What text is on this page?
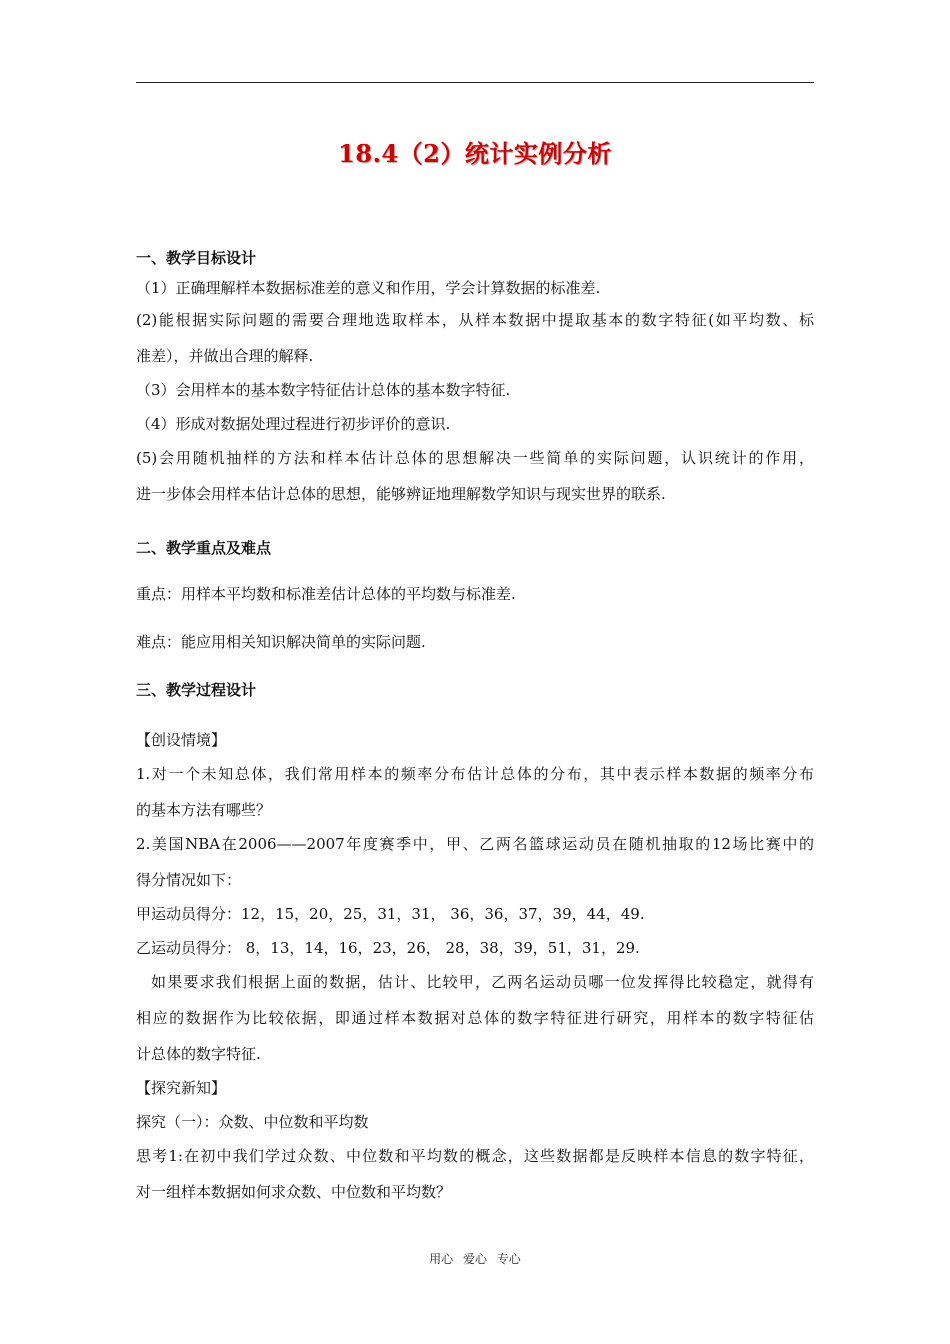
18.4（2）统计实例分析
一、教学目标设计
（1）正确理解样本数据标准差的意义和作用，学会计算数据的标准差.
(2)能根据实际问题的需要合理地选取样本，从样本数据中提取基本的数字特征(如平均数、标
准差），并做出合理的解释.
（3）会用样本的基本数字特征估计总体的基本数字特征.
（4）形成对数据处理过程进行初步评价的意识.
(5)会用随机抽样的方法和样本估计总体的思想解决一些简单的实际问题，认识统计的作用，
进一步体会用样本估计总体的思想，能够辨证地理解数学知识与现实世界的联系.
二、教学重点及难点
重点：用样本平均数和标准差估计总体的平均数与标准差.
难点：能应用相关知识解决简单的实际问题.
三、教学过程设计
【创设情境】
1.对一个未知总体，我们常用样本的频率分布估计总体的分布，其中表示样本数据的频率分布
的基本方法有哪些？
2.美国NBA在2006——2007年度赛季中，甲、乙两名篮球运动员在随机抽取的12场比赛中的
得分情况如下：
甲运动员得分：12，15，20，25，31，31， 36，36，37，39，44，49.
乙运动员得分： 8，13，14，16，23，26， 28，38，39，51，31，29.
如果要求我们根据上面的数据，估计、比较甲，乙两名运动员哪一位发挥得比较稳定，就得有
相应的数据作为比较依据，即通过样本数据对总体的数字特征进行研究，用样本的数字特征估
计总体的数字特征.
【探究新知】
探究（一）：众数、中位数和平均数
思考1:在初中我们学过众数、中位数和平均数的概念，这些数据都是反映样本信息的数字特征，
对一组样本数据如何求众数、中位数和平均数？
用心 爱心 专心
